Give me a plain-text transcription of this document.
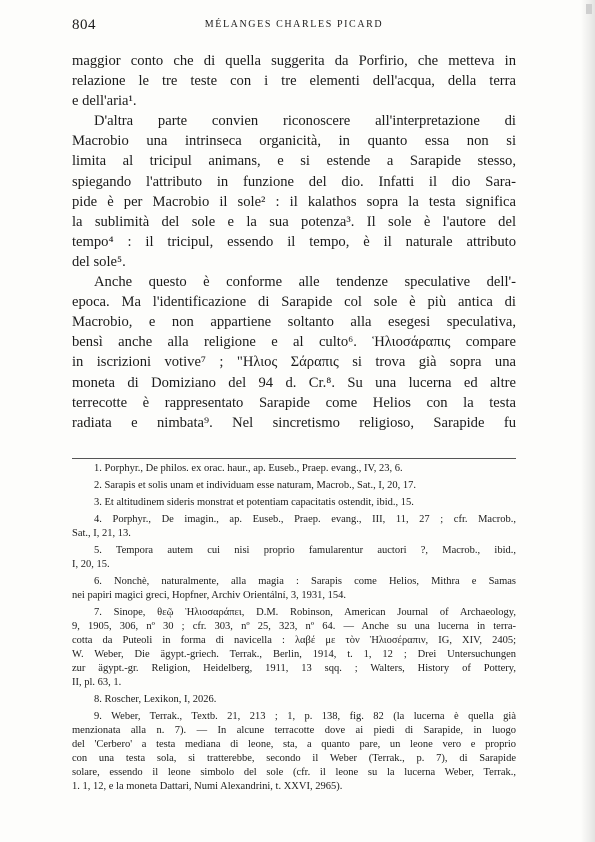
804	MÉLANGES CHARLES PICARD
maggior conto che di quella suggerita da Porfirio, che metteva in
relazione le tre teste con i tre elementi dell'acqua, della terra
e dell'aria¹.
D'altra parte convien riconoscere all'interpretazione di
Macrobio una intrinseca organicità, in quanto essa non si
limita al tricipul animans, e si estende a Sarapide stesso,
spiegando l'attributo in funzione del dio. Infatti il dio Sara-
pide è per Macrobio il sole² : il kalathos sopra la testa significa
la sublimità del sole e la sua potenza³. Il sole è l'autore del
tempo⁴ : il tricipul, essendo il tempo, è il naturale attributo
del sole⁵.
Anche questo è conforme alle tendenze speculative dell'-
epoca. Ma l'identificazione di Sarapide col sole è più antica di
Macrobio, e non appartiene soltanto alla esegesi speculativa,
bensì anche alla religione e al culto⁶. Ἡλιοσάραπις compare
in iscrizioni votive⁷ ; "Ηλιος Σάραπις si trova già sopra una
moneta di Domiziano del 94 d. Cr.⁸. Su una lucerna ed altre
terrecotte è rappresentato Sarapide come Helios con la testa
radiata e nimbata⁹. Nel sincretismo religioso, Sarapide fu
1. Porphyr., De philos. ex orac. haur., ap. Euseb., Praep. evang., IV, 23, 6.
2. Sarapis et solis unam et individuam esse naturam, Macrob., Sat., I, 20, 17.
3. Et altitudinem sideris monstrat et potentiam capacitatis ostendit, ibid., 15.
4. Porphyr., De imagin., ap. Euseb., Praep. evang., III, 11, 27 ; cfr. Macrob.,
Sat., I, 21, 13.
5. Tempora autem cui nisi proprio famularentur auctori ?, Macrob., ibid.,
I, 20, 15.
6. Nonchè, naturalmente, alla magia : Sarapis come Helios, Mithra e Samas
nei papiri magici greci, Hopfner, Archiv Orientální, 3, 1931, 154.
7. Sinope, θεῷ Ἡλιοσαράπει, D.M. Robinson, American Journal of Archaeology,
9, 1905, 306, nº 30 ; cfr. 303, nº 25, 323, nº 64. — Anche su una lucerna in terra-
cotta da Puteoli in forma di navicella : λαβέ με τὸν Ἡλιοσέραπιν, IG, XIV, 2405;
W. Weber, Die ägypt.-griech. Terrak., Berlin, 1914, t. 1, 12 ; Drei Untersuchungen
zur ägypt.-gr. Religion, Heidelberg, 1911, 13 sqq. ; Walters, History of Pottery,
II, pl. 63, 1.
8. Roscher, Lexikon, I, 2026.
9. Weber, Terrak., Textb. 21, 213 ; 1, p. 138, fig. 82 (la lucerna è quella già
menzionata alla n. 7). — In alcune terracotte dove ai piedi di Sarapide, in luogo
del 'Cerbero' a testa mediana di leone, sta, a quanto pare, un leone vero e proprio
con una testa sola, si tratterebbe, secondo il Weber (Terrak., p. 7), di Sarapide
solare, essendo il leone simbolo del sole (cfr. il leone su la lucerna Weber, Terrak.,
1. 1, 12, e la moneta Dattari, Numi Alexandrini, t. XXVI, 2965).
